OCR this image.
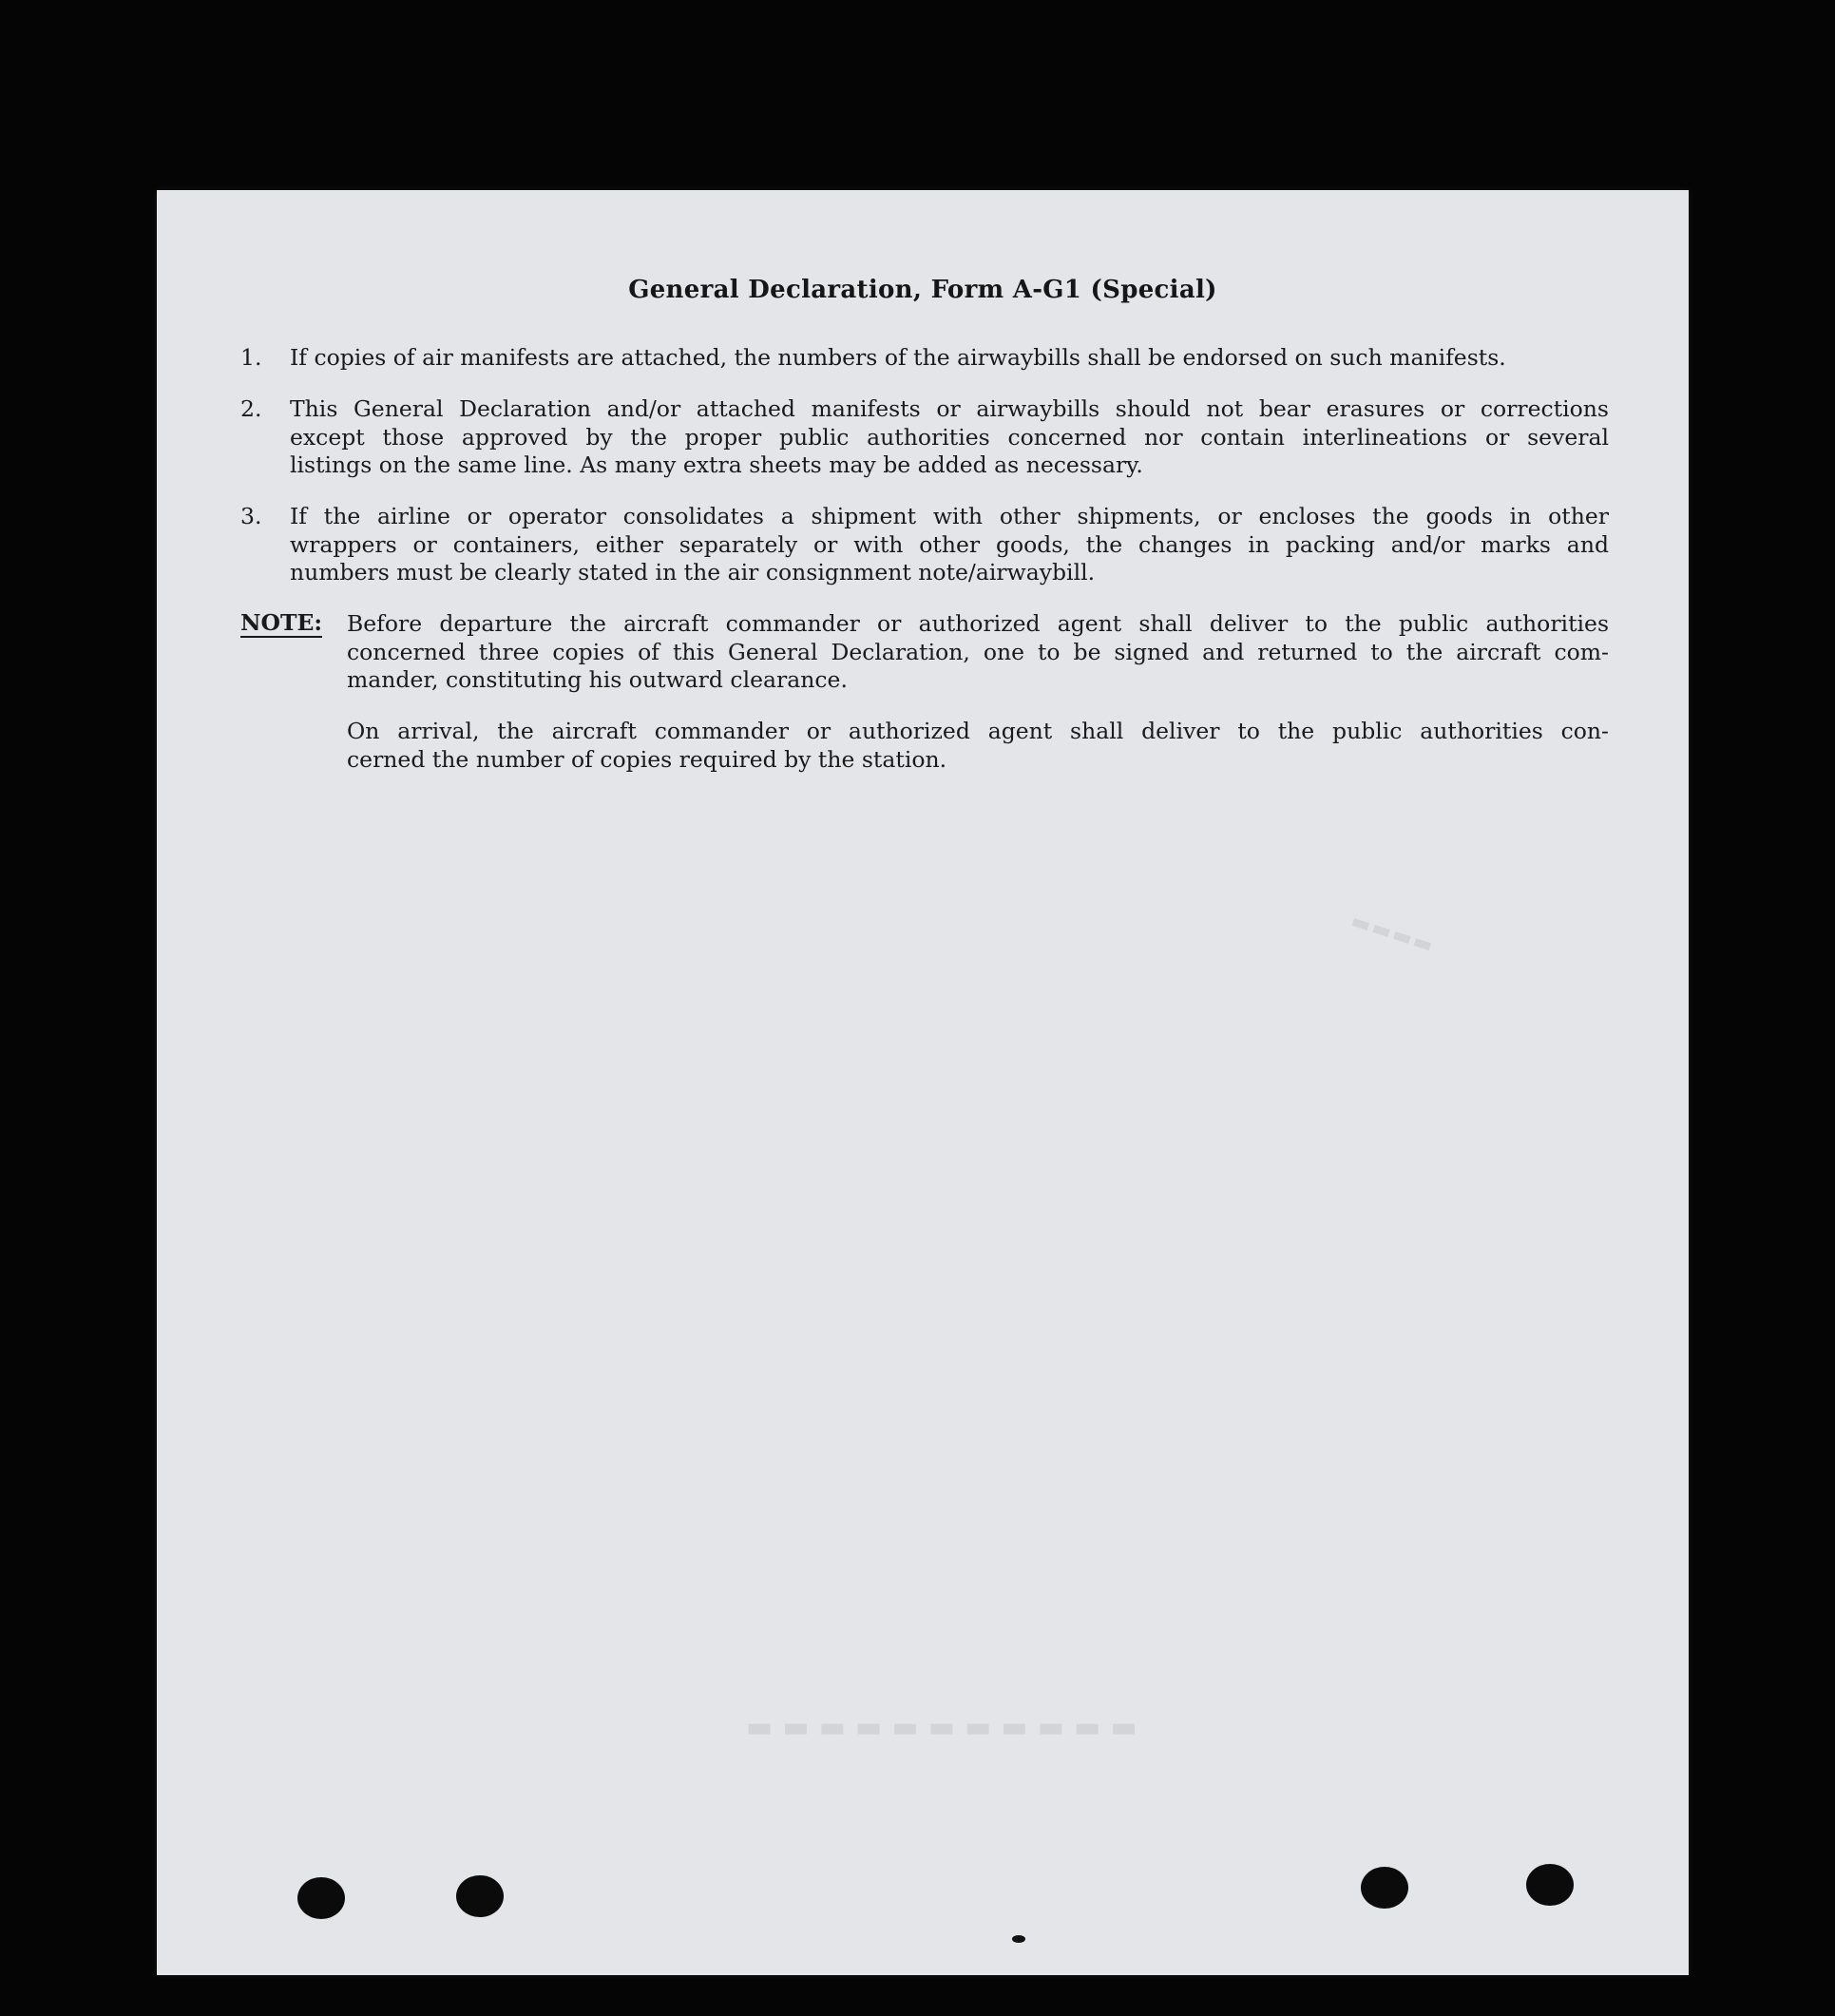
General Declaration, Form A-G1 (Special)
1. If copies of air manifests are attached, the numbers of the airwaybills shall be endorsed on such manifests.
2. This General Declaration and/or attached manifests or airwaybills should not bear erasures or corrections
except those approved by the proper public authorities concerned nor contain interlineations or several
listings on the same line. As many extra sheets may be added as necessary.
3. If the airline or operator consolidates a shipment with other shipments, or encloses the goods in other
wrappers or containers, either separately or with other goods, the changes in packing and/or marks and
numbers must be clearly stated in the air consignment note/airwaybill.
NOTE: Before departure the aircraft commander or authorized agent shall deliver to the public authorities
concerned three copies of this General Declaration, one to be signed and returned to the aircraft com-
mander, constituting his outward clearance.
On arrival, the aircraft commander or authorized agent shall deliver to the public authorities con-
cerned the number of copies required by the station.
▬▬▬▬
▬▬▬▬▬▬▬▬▬▬▬
